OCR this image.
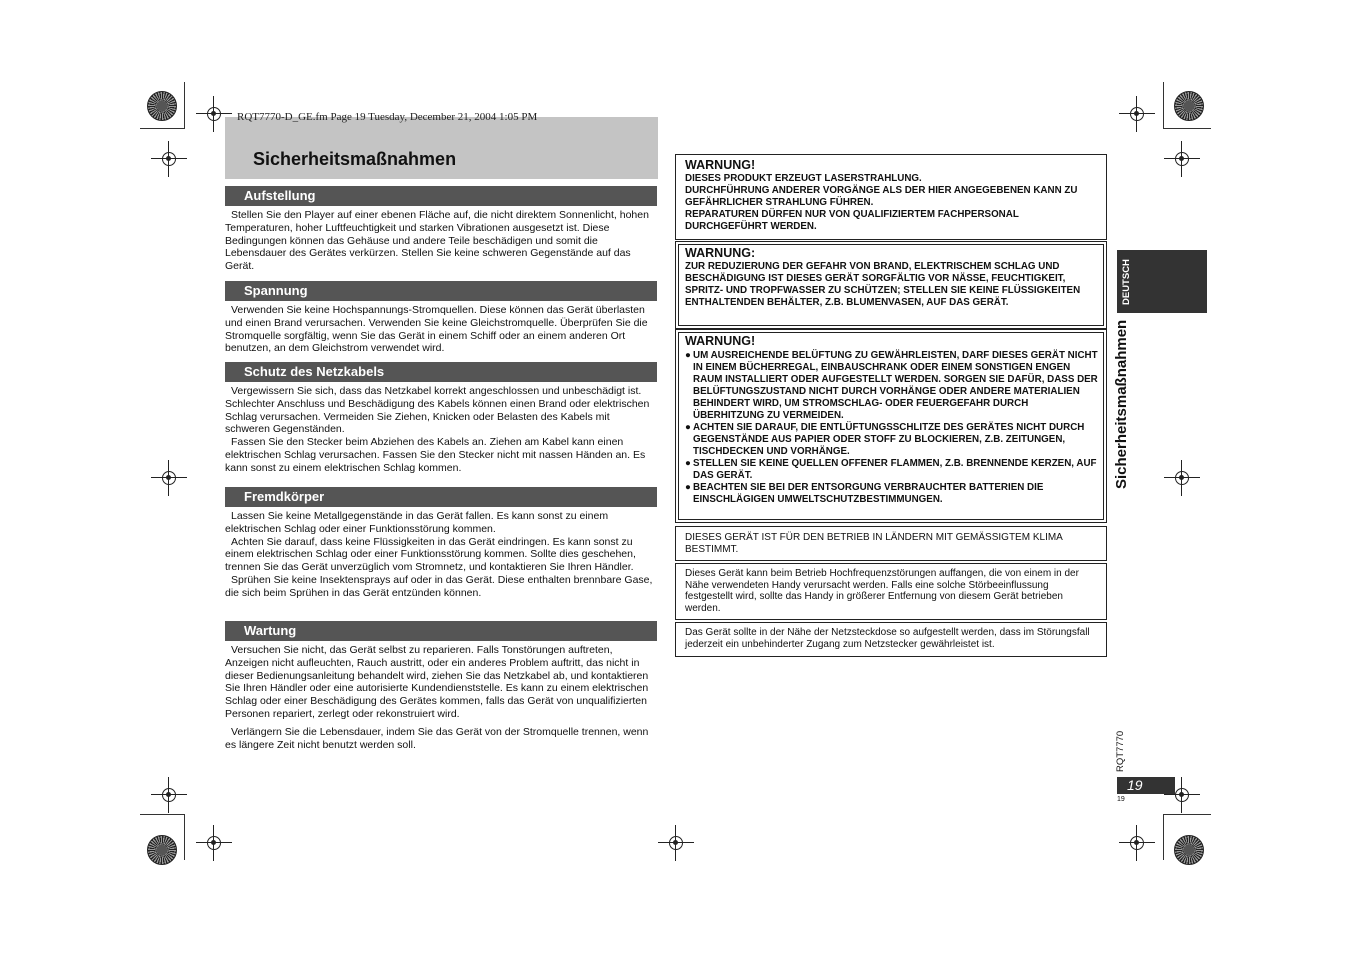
RQT7770-D_GE.fm Page 19 Tuesday, December 21, 2004 1:05 PM
Sicherheitsmaßnahmen
Aufstellung

Stellen Sie den Player auf einer ebenen Fläche auf, die nicht direktem Sonnenlicht, hohen Temperaturen, hoher Luftfeuchtigkeit und starken Vibrationen ausgesetzt ist. Diese Bedingungen können das Gehäuse und andere Teile beschädigen und somit die Lebensdauer des Gerätes verkürzen. Stellen Sie keine schweren Gegenstände auf das Gerät.

Spannung

Verwenden Sie keine Hochspannungs-Stromquellen. Diese können das Gerät überlasten und einen Brand verursachen. Verwenden Sie keine Gleichstromquelle. Überprüfen Sie die Stromquelle sorgfältig, wenn Sie das Gerät in einem Schiff oder an einem anderen Ort benutzen, an dem Gleichstrom verwendet wird.

Schutz des Netzkabels

Vergewissern Sie sich, dass das Netzkabel korrekt angeschlossen und unbeschädigt ist. Schlechter Anschluss und Beschädigung des Kabels können einen Brand oder elektrischen Schlag verursachen. Vermeiden Sie Ziehen, Knicken oder Belasten des Kabels mit schweren Gegenständen.

Fassen Sie den Stecker beim Abziehen des Kabels an. Ziehen am Kabel kann einen elektrischen Schlag verursachen. Fassen Sie den Stecker nicht mit nassen Händen an. Es kann sonst zu einem elektrischen Schlag kommen.

Fremdkörper

Lassen Sie keine Metallgegenstände in das Gerät fallen. Es kann sonst zu einem elektrischen Schlag oder einer Funktionsstörung kommen.

Achten Sie darauf, dass keine Flüssigkeiten in das Gerät eindringen. Es kann sonst zu einem elektrischen Schlag oder einer Funktionsstörung kommen. Sollte dies geschehen, trennen Sie das Gerät unverzüglich vom Stromnetz, und kontaktieren Sie Ihren Händler.

Sprühen Sie keine Insektensprays auf oder in das Gerät. Diese enthalten brennbare Gase, die sich beim Sprühen in das Gerät entzünden können.

Wartung

Versuchen Sie nicht, das Gerät selbst zu reparieren. Falls Tonstörungen auftreten, Anzeigen nicht aufleuchten, Rauch austritt, oder ein anderes Problem auftritt, das nicht in dieser Bedienungsanleitung behandelt wird, ziehen Sie das Netzkabel ab, und kontaktieren Sie Ihren Händler oder eine autorisierte Kundendienststelle. Es kann zu einem elektrischen Schlag oder einer Beschädigung des Gerätes kommen, falls das Gerät von unqualifizierten Personen repariert, zerlegt oder rekonstruiert wird.

Verlängern Sie die Lebensdauer, indem Sie das Gerät von der Stromquelle trennen, wenn es längere Zeit nicht benutzt werden soll.

WARNUNG!
DIESES PRODUKT ERZEUGT LASERSTRAHLUNG.
DURCHFÜHRUNG ANDERER VORGÄNGE ALS DER HIER ANGEGEBENEN KANN ZU GEFÄHRLICHER STRAHLUNG FÜHREN.
REPARATUREN DÜRFEN NUR VON QUALIFIZIERTEM FACHPERSONAL DURCHGEFÜHRT WERDEN.
WARNUNG:
ZUR REDUZIERUNG DER GEFAHR VON BRAND, ELEKTRISCHEM SCHLAG UND BESCHÄDIGUNG IST DIESES GERÄT SORGFÄLTIG VOR NÄSSE, FEUCHTIGKEIT, SPRITZ- UND TROPFWASSER ZU SCHÜTZEN; STELLEN SIE KEINE FLÜSSIGKEITEN ENTHALTENDEN BEHÄLTER, Z.B. BLUMENVASEN, AUF DAS GERÄT.
WARNUNG!
● UM AUSREICHENDE BELÜFTUNG ZU GEWÄHRLEISTEN, DARF DIESES GERÄT NICHT IN EINEM BÜCHERREGAL, EINBAUSCHRANK ODER EINEM SONSTIGEN ENGEN RAUM INSTALLIERT ODER AUFGESTELLT WERDEN. SORGEN SIE DAFÜR, DASS DER BELÜFTUNGSZUSTAND NICHT DURCH VORHÄNGE ODER ANDERE MATERIALIEN BEHINDERT WIRD, UM STROMSCHLAG- ODER FEUERGEFAHR DURCH ÜBERHITZUNG ZU VERMEIDEN.
● ACHTEN SIE DARAUF, DIE ENTLÜFTUNGSSCHLITZE DES GERÄTES NICHT DURCH GEGENSTÄNDE AUS PAPIER ODER STOFF ZU BLOCKIEREN, Z.B. ZEITUNGEN, TISCHDECKEN UND VORHÄNGE.
● STELLEN SIE KEINE QUELLEN OFFENER FLAMMEN, Z.B. BRENNENDE KERZEN, AUF DAS GERÄT.
● BEACHTEN SIE BEI DER ENTSORGUNG VERBRAUCHTER BATTERIEN DIE EINSCHLÄGIGEN UMWELTSCHUTZBESTIMMUNGEN.
DIESES GERÄT IST FÜR DEN BETRIEB IN LÄNDERN MIT GEMÄSSIGTEM KLIMA BESTIMMT.
Dieses Gerät kann beim Betrieb Hochfrequenzstörungen auffangen, die von einem in der Nähe verwendeten Handy verursacht werden. Falls eine solche Störbeeinflussung festgestellt wird, sollte das Handy in größerer Entfernung von diesem Gerät betrieben werden.
Das Gerät sollte in der Nähe der Netzsteckdose so aufgestellt werden, dass im Störungsfall jederzeit ein unbehinderter Zugang zum Netzstecker gewährleistet ist.
DEUTSCH
Sicherheitsmaßnahmen
RQT7770
19
19
